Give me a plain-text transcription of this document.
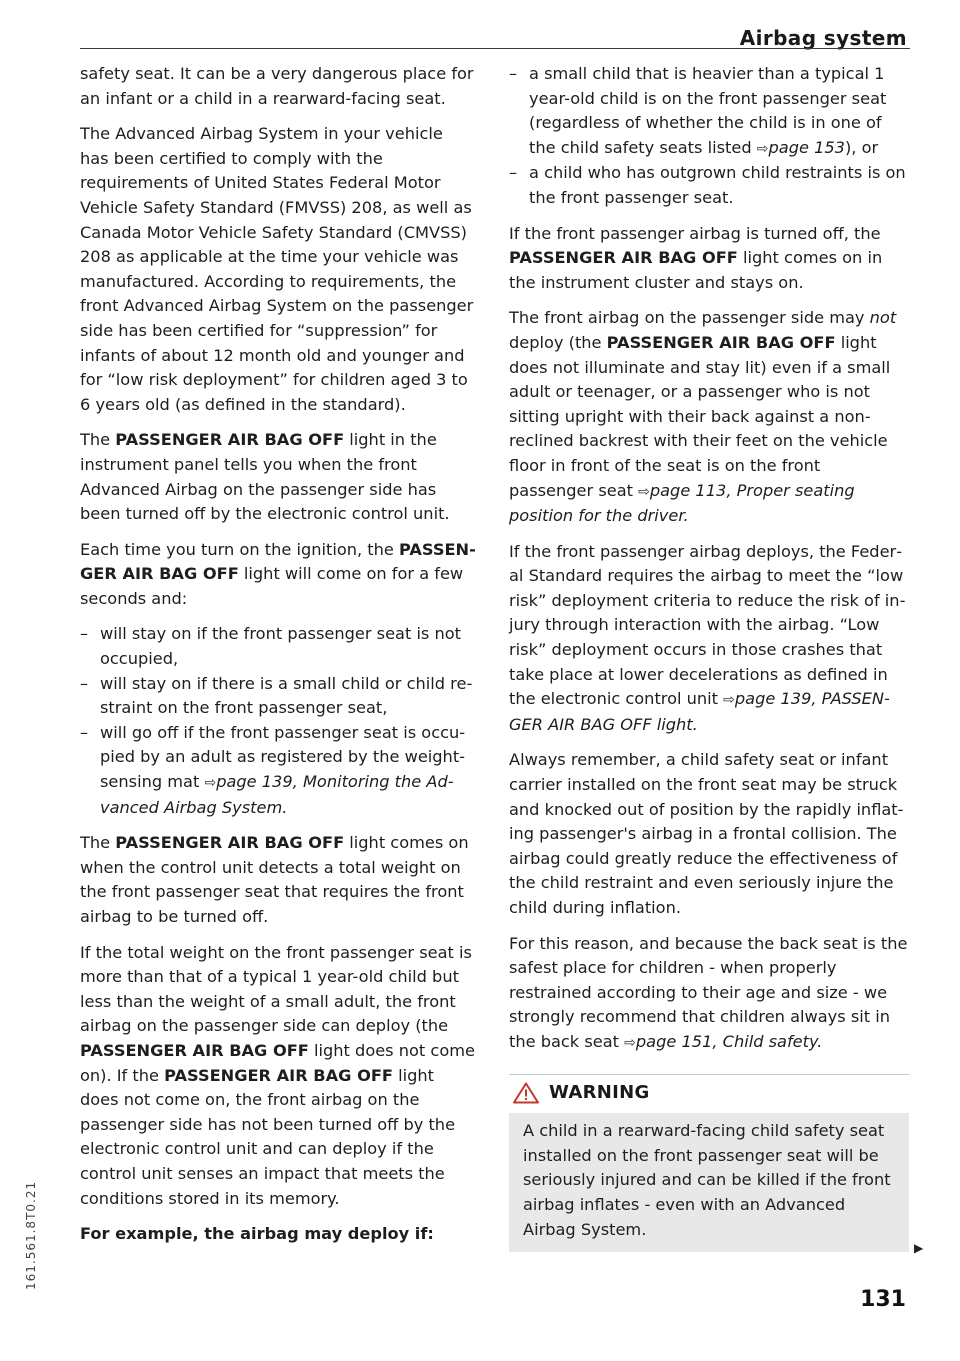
Airbag system

safety seat. It can be a very dangerous place for an infant or a child in a rearward-facing seat.

The Advanced Airbag System in your vehicle has been certified to comply with the requirements of United States Federal Motor Vehicle Safety Standard (FMVSS) 208, as well as Canada Motor Vehicle Safety Standard (CMVSS) 208 as applicable at the time your vehicle was manufactured. According to requirements, the front Advanced Airbag System on the passenger side has been certified for “suppression” for infants of about 12 month old and younger and for “low risk deployment” for children aged 3 to 6 years old (as defined in the standard).

The PASSENGER AIR BAG OFF light in the instrument panel tells you when the front Advanced Airbag on the passenger side has been turned off by the electronic control unit.

Each time you turn on the ignition, the PASSENGER AIR BAG OFF light will come on for a few seconds and:

– will stay on if the front passenger seat is not occupied,
– will stay on if there is a small child or child restraint on the front passenger seat,
– will go off if the front passenger seat is occupied by an adult as registered by the weight-sensing mat ⇨page 139, Monitoring the Advanced Airbag System.

The PASSENGER AIR BAG OFF light comes on when the control unit detects a total weight on the front passenger seat that requires the front airbag to be turned off.

If the total weight on the front passenger seat is more than that of a typical 1 year-old child but less than the weight of a small adult, the front airbag on the passenger side can deploy (the PASSENGER AIR BAG OFF light does not come on). If the PASSENGER AIR BAG OFF light does not come on, the front airbag on the passenger side has not been turned off by the electronic control unit and can deploy if the control unit senses an impact that meets the conditions stored in its memory.

For example, the airbag may deploy if:

– a small child that is heavier than a typical 1 year-old child is on the front passenger seat (regardless of whether the child is in one of the child safety seats listed ⇨page 153), or
– a child who has outgrown child restraints is on the front passenger seat.

If the front passenger airbag is turned off, the PASSENGER AIR BAG OFF light comes on in the instrument cluster and stays on.

The front airbag on the passenger side may not deploy (the PASSENGER AIR BAG OFF light does not illuminate and stay lit) even if a small adult or teenager, or a passenger who is not sitting upright with their back against a non-reclined backrest with their feet on the vehicle floor in front of the seat is on the front passenger seat ⇨page 113, Proper seating position for the driver.

If the front passenger airbag deploys, the Federal Standard requires the airbag to meet the “low risk” deployment criteria to reduce the risk of injury through interaction with the airbag. “Low risk” deployment occurs in those crashes that take place at lower decelerations as defined in the electronic control unit ⇨page 139, PASSENGER AIR BAG OFF light.

Always remember, a child safety seat or infant carrier installed on the front seat may be struck and knocked out of position by the rapidly inflating passenger's airbag in a frontal collision. The airbag could greatly reduce the effectiveness of the child restraint and even seriously injure the child during inflation.

For this reason, and because the back seat is the safest place for children - when properly restrained according to their age and size - we strongly recommend that children always sit in the back seat ⇨page 151, Child safety.

WARNING
A child in a rearward-facing child safety seat installed on the front passenger seat will be seriously injured and can be killed if the front airbag inflates - even with an Advanced Airbag System.
▶
131
161.561.8T0.21
